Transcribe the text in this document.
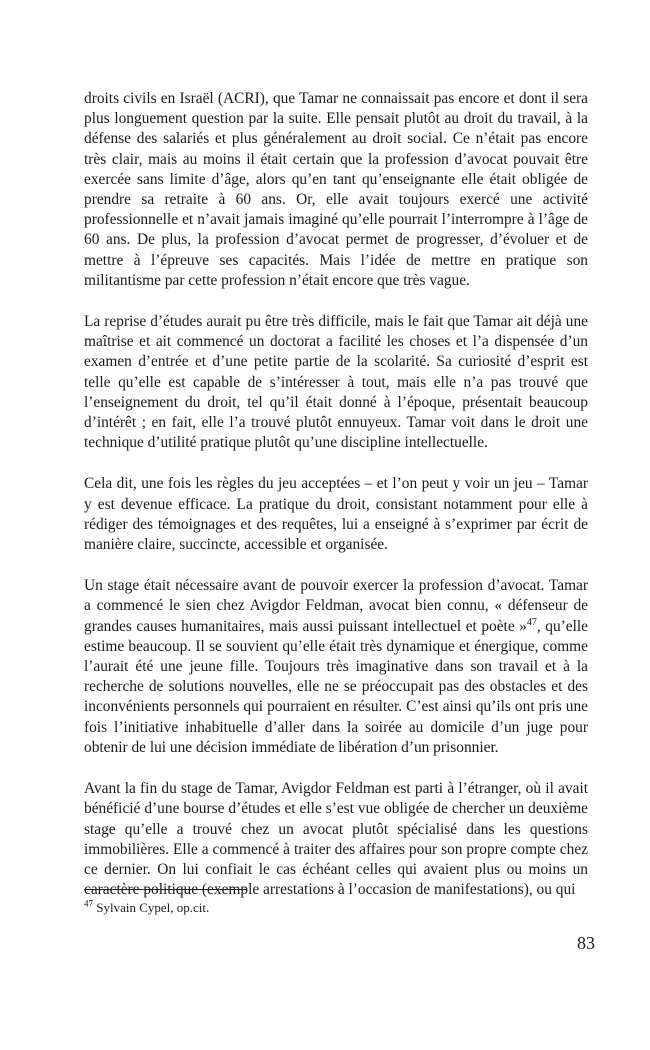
droits civils en Israël (ACRI), que Tamar ne connaissait pas encore et dont il sera plus longuement question par la suite. Elle pensait plutôt au droit du travail, à la défense des salariés et plus généralement au droit social. Ce n’était pas encore très clair, mais au moins il était certain que la profession d’avocat pouvait être exercée sans limite d’âge, alors qu’en tant qu’enseignante elle était obligée de prendre sa retraite à 60 ans. Or, elle avait toujours exercé une activité professionnelle et n’avait jamais imaginé qu’elle pourrait l’interrompre à l’âge de 60 ans. De plus, la profession d’avocat permet de progresser, d’évoluer et de mettre à l’épreuve ses capacités. Mais l’idée de mettre en pratique son militantisme par cette profession n’était encore que très vague.

La reprise d’études aurait pu être très difficile, mais le fait que Tamar ait déjà une maîtrise et ait commencé un doctorat a facilité les choses et l’a dispensée d’un examen d’entrée et d’une petite partie de la scolarité. Sa curiosité d’esprit est telle qu’elle est capable de s’intéresser à tout, mais elle n’a pas trouvé que l’enseignement du droit, tel qu’il était donné à l’époque, présentait beaucoup d’intérêt ; en fait, elle l’a trouvé plutôt ennuyeux. Tamar voit dans le droit une technique d’utilité pratique plutôt qu’une discipline intellectuelle.

Cela dit, une fois les règles du jeu acceptées – et l’on peut y voir un jeu – Tamar y est devenue efficace. La pratique du droit, consistant notamment pour elle à rédiger des témoignages et des requêtes, lui a enseigné à s’exprimer par écrit de manière claire, succincte, accessible et organisée.

Un stage était nécessaire avant de pouvoir exercer la profession d’avocat. Tamar a commencé le sien chez Avigdor Feldman, avocat bien connu, « défenseur de grandes causes humanitaires, mais aussi puissant intellectuel et poète »$^{47}$, qu’elle estime beaucoup. Il se souvient qu’elle était très dynamique et énergique, comme l’aurait été une jeune fille. Toujours très imaginative dans son travail et à la recherche de solutions nouvelles, elle ne se préoccupait pas des obstacles et des inconvénients personnels qui pourraient en résulter. C’est ainsi qu’ils ont pris une fois l’initiative inhabituelle d’aller dans la soirée au domicile d’un juge pour obtenir de lui une décision immédiate de libération d’un prisonnier.

Avant la fin du stage de Tamar, Avigdor Feldman est parti à l’étranger, où il avait bénéficié d’une bourse d’études et elle s’est vue obligée de chercher un deuxième stage qu’elle a trouvé chez un avocat plutôt spécialisé dans les questions immobilières. Elle a commencé à traiter des affaires pour son propre compte chez ce dernier. On lui confiait le cas échéant celles qui avaient plus ou moins un caractère politique (exemple arrestations à l’occasion de manifestations), ou qui

$^{47}$ Sylvain Cypel, op.cit.
83
